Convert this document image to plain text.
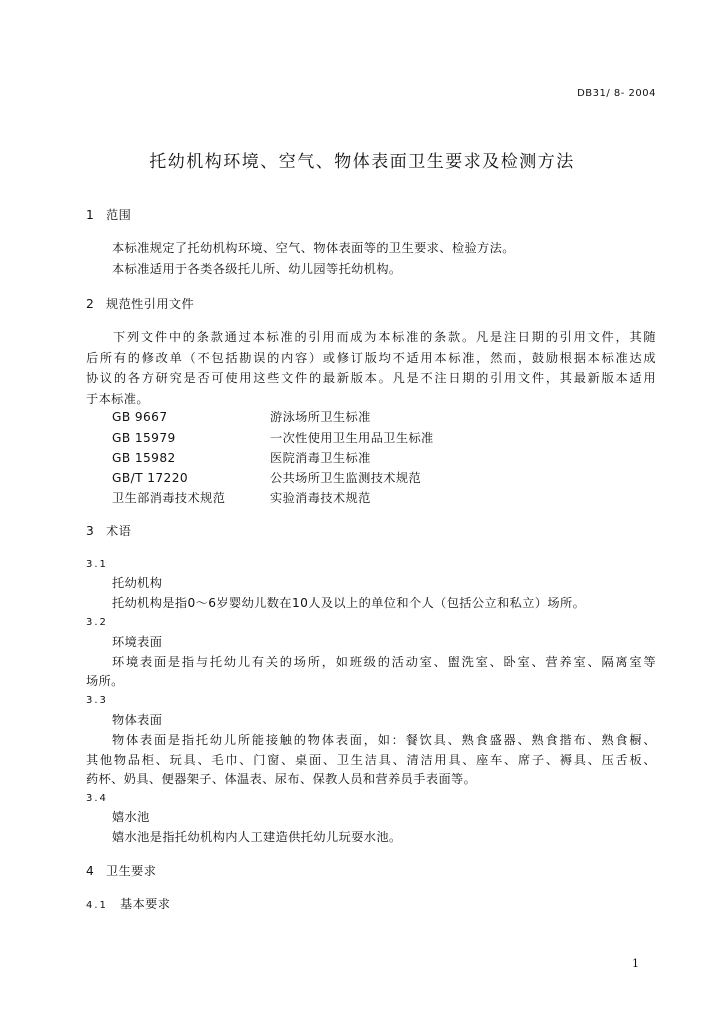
DB31/ 8- 2004
托幼机构环境、空气、物体表面卫生要求及检测方法
1 范围
本标准规定了托幼机构环境、空气、物体表面等的卫生要求、检验方法。
本标准适用于各类各级托儿所、幼儿园等托幼机构。
2 规范性引用文件
下列文件中的条款通过本标准的引用而成为本标准的条款。凡是注日期的引用文件，其随
后所有的修改单（不包括勘误的内容）或修订版均不适用本标准，然而，鼓励根据本标准达成
协议的各方研究是否可使用这些文件的最新版本。凡是不注日期的引用文件，其最新版本适用
于本标准。
GB 9667	游泳场所卫生标准
GB 15979	一次性使用卫生用品卫生标准
GB 15982	医院消毒卫生标准
GB/T 17220	公共场所卫生监测技术规范
卫生部消毒技术规范	实验消毒技术规范
3 术语
3.1
托幼机构
托幼机构是指0～6岁婴幼儿数在10人及以上的单位和个人（包括公立和私立）场所。
3.2
环境表面
环境表面是指与托幼儿有关的场所，如班级的活动室、盥洗室、卧室、营养室、隔离室等
场所。
3.3
物体表面
物体表面是指托幼儿所能接触的物体表面，如：餐饮具、熟食盛器、熟食揩布、熟食橱、
其他物品柜、玩具、毛巾、门窗、桌面、卫生洁具、清洁用具、座车、席子、褥具、压舌板、
药杯、奶具、便器架子、体温表、尿布、保教人员和营养员手表面等。
3.4
嬉水池
嬉水池是指托幼机构内人工建造供托幼儿玩耍水池。
4 卫生要求
4.1 基本要求
1
